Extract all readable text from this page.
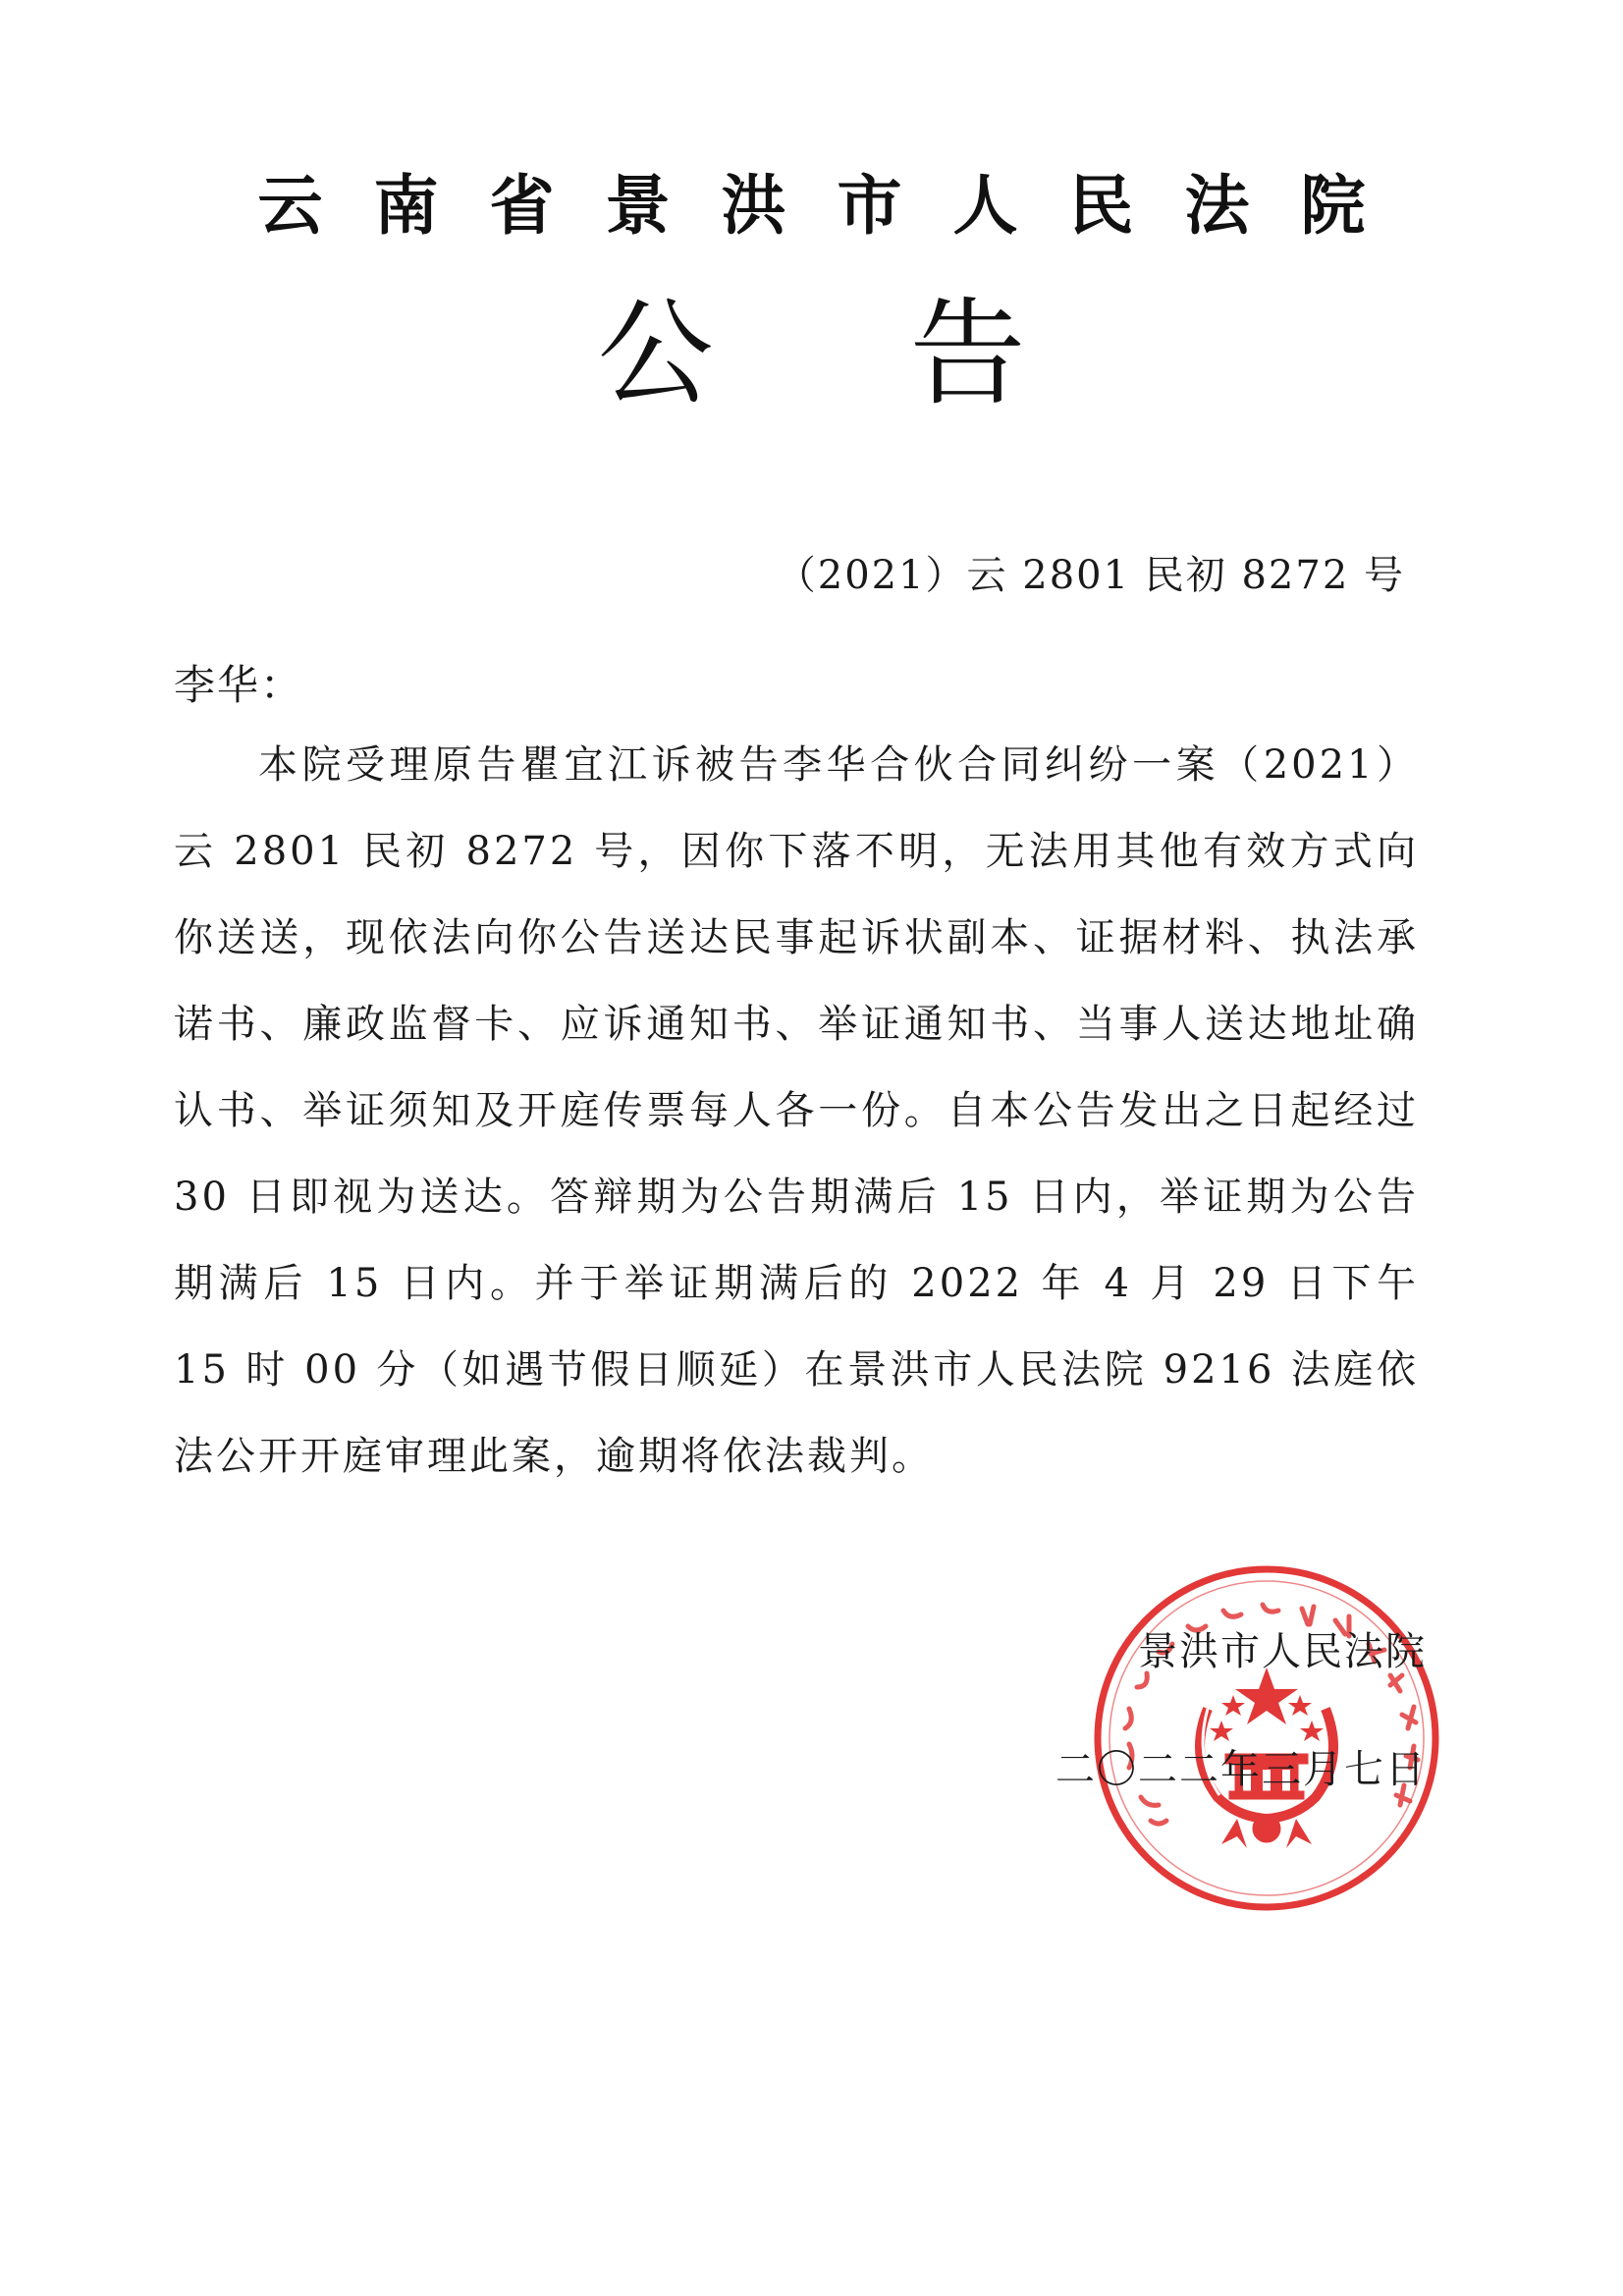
云南省景洪市人民法院
公告
（2021）云 2801 民初 8272 号
李华：
本院受理原告瞿宜江诉被告李华合伙合同纠纷一案（2021）云 2801 民初 8272 号，因你下落不明，无法用其他有效方式向你送送，现依法向你公告送达民事起诉状副本、证据材料、执法承诺书、廉政监督卡、应诉通知书、举证通知书、当事人送达地址确认书、举证须知及开庭传票每人各一份。自本公告发出之日起经过 30 日即视为送达。答辩期为公告期满后 15 日内，举证期为公告期满后 15 日内。并于举证期满后的 2022 年 4 月 29 日下午 15 时 00 分（如遇节假日顺延）在景洪市人民法院 9216 法庭依法公开开庭审理此案，逾期将依法裁判。
景洪市人民法院
二〇二二年三月七日
